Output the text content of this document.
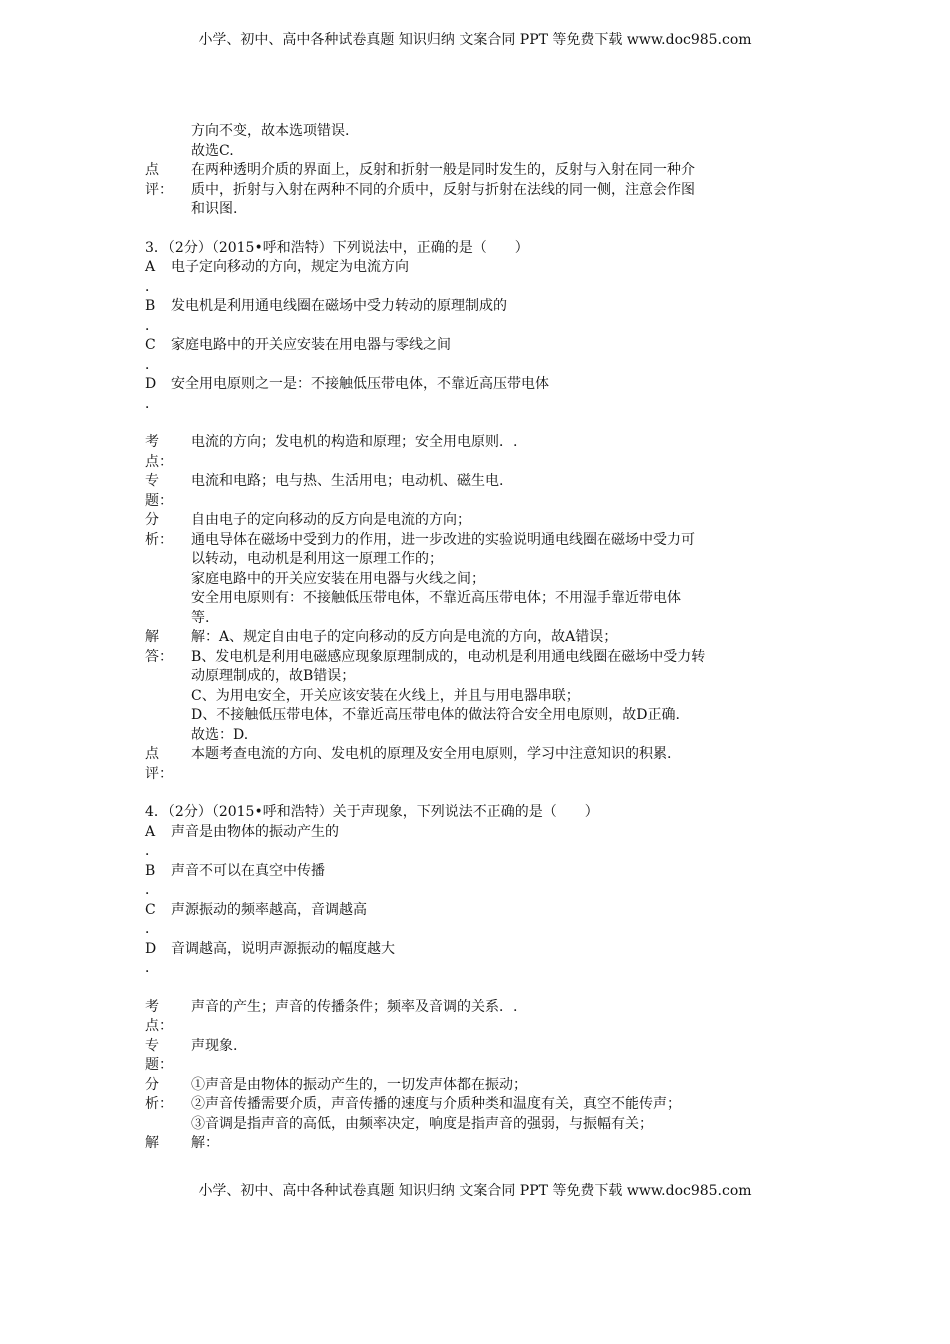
小学、初中、高中各种试卷真题 知识归纳 文案合同 PPT 等免费下载 www.doc985.com
方向不变，故本选项错误.
故选C.
点
评：
在两种透明介质的界面上，反射和折射一般是同时发生的，反射与入射在同一种介
质中，折射与入射在两种不同的介质中，反射与折射在法线的同一侧，注意会作图
和识图.
3．（2分）（2015•呼和浩特）下列说法中，正确的是（　　）
A
．
电子定向移动的方向，规定为电流方向
B
．
发电机是利用通电线圈在磁场中受力转动的原理制成的
C
．
家庭电路中的开关应安装在用电器与零线之间
D
．
安全用电原则之一是：不接触低压带电体，不靠近高压带电体
考
点：
电流的方向；发电机的构造和原理；安全用电原则．.
专
题：
电流和电路；电与热、生活用电；电动机、磁生电.
分
析：
自由电子的定向移动的反方向是电流的方向；
通电导体在磁场中受到力的作用，进一步改进的实验说明通电线圈在磁场中受力可
以转动，电动机是利用这一原理工作的；
家庭电路中的开关应安装在用电器与火线之间；
安全用电原则有：不接触低压带电体，不靠近高压带电体；不用湿手靠近带电体
等.
解
答：
解：A、规定自由电子的定向移动的反方向是电流的方向，故A错误；
B、发电机是利用电磁感应现象原理制成的，电动机是利用通电线圈在磁场中受力转
动原理制成的，故B错误；
C、为用电安全，开关应该安装在火线上，并且与用电器串联；
D、不接触低压带电体，不靠近高压带电体的做法符合安全用电原则，故D正确.
故选：D.
点
评：
本题考查电流的方向、发电机的原理及安全用电原则，学习中注意知识的积累.
4．（2分）（2015•呼和浩特）关于声现象，下列说法不正确的是（　　）
A
．
声音是由物体的振动产生的
B
．
声音不可以在真空中传播
C
．
声源振动的频率越高，音调越高
D
．
音调越高，说明声源振动的幅度越大
考
点：
声音的产生；声音的传播条件；频率及音调的关系．.
专
题：
声现象.
分
析：
①声音是由物体的振动产生的，一切发声体都在振动；
②声音传播需要介质，声音传播的速度与介质种类和温度有关，真空不能传声；
③音调是指声音的高低，由频率决定，响度是指声音的强弱，与振幅有关；
解	解：
小学、初中、高中各种试卷真题 知识归纳 文案合同 PPT 等免费下载 www.doc985.com
